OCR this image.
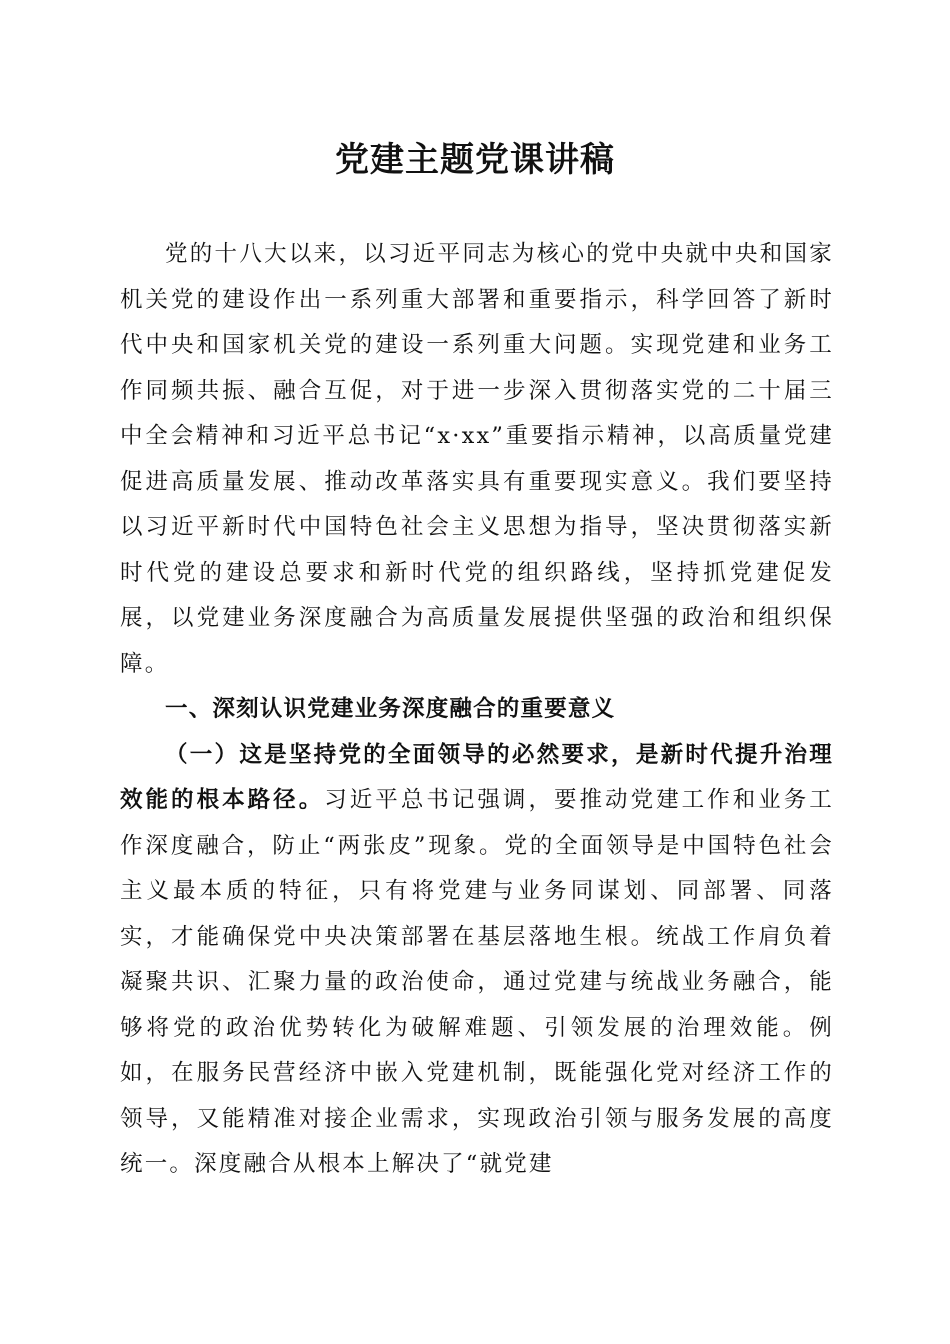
党建主题党课讲稿

党的十八大以来，以习近平同志为核心的党中央就中央和国家机关党的建设作出一系列重大部署和重要指示，科学回答了新时代中央和国家机关党的建设一系列重大问题。实现党建和业务工作同频共振、融合互促，对于进一步深入贯彻落实党的二十届三中全会精神和习近平总书记“x·xx”重要指示精神，以高质量党建促进高质量发展、推动改革落实具有重要现实意义。我们要坚持以习近平新时代中国特色社会主义思想为指导，坚决贯彻落实新时代党的建设总要求和新时代党的组织路线，坚持抓党建促发展，以党建业务深度融合为高质量发展提供坚强的政治和组织保障。

一、深刻认识党建业务深度融合的重要意义

（一）这是坚持党的全面领导的必然要求，是新时代提升治理效能的根本路径。习近平总书记强调，要推动党建工作和业务工作深度融合，防止“两张皮”现象。党的全面领导是中国特色社会主义最本质的特征，只有将党建与业务同谋划、同部署、同落实，才能确保党中央决策部署在基层落地生根。统战工作肩负着凝聚共识、汇聚力量的政治使命，通过党建与统战业务融合，能够将党的政治优势转化为破解难题、引领发展的治理效能。例如，在服务民营经济中嵌入党建机制，既能强化党对经济工作的领导，又能精准对接企业需求，实现政治引领与服务发展的高度统一。深度融合从根本上解决了“就党建
